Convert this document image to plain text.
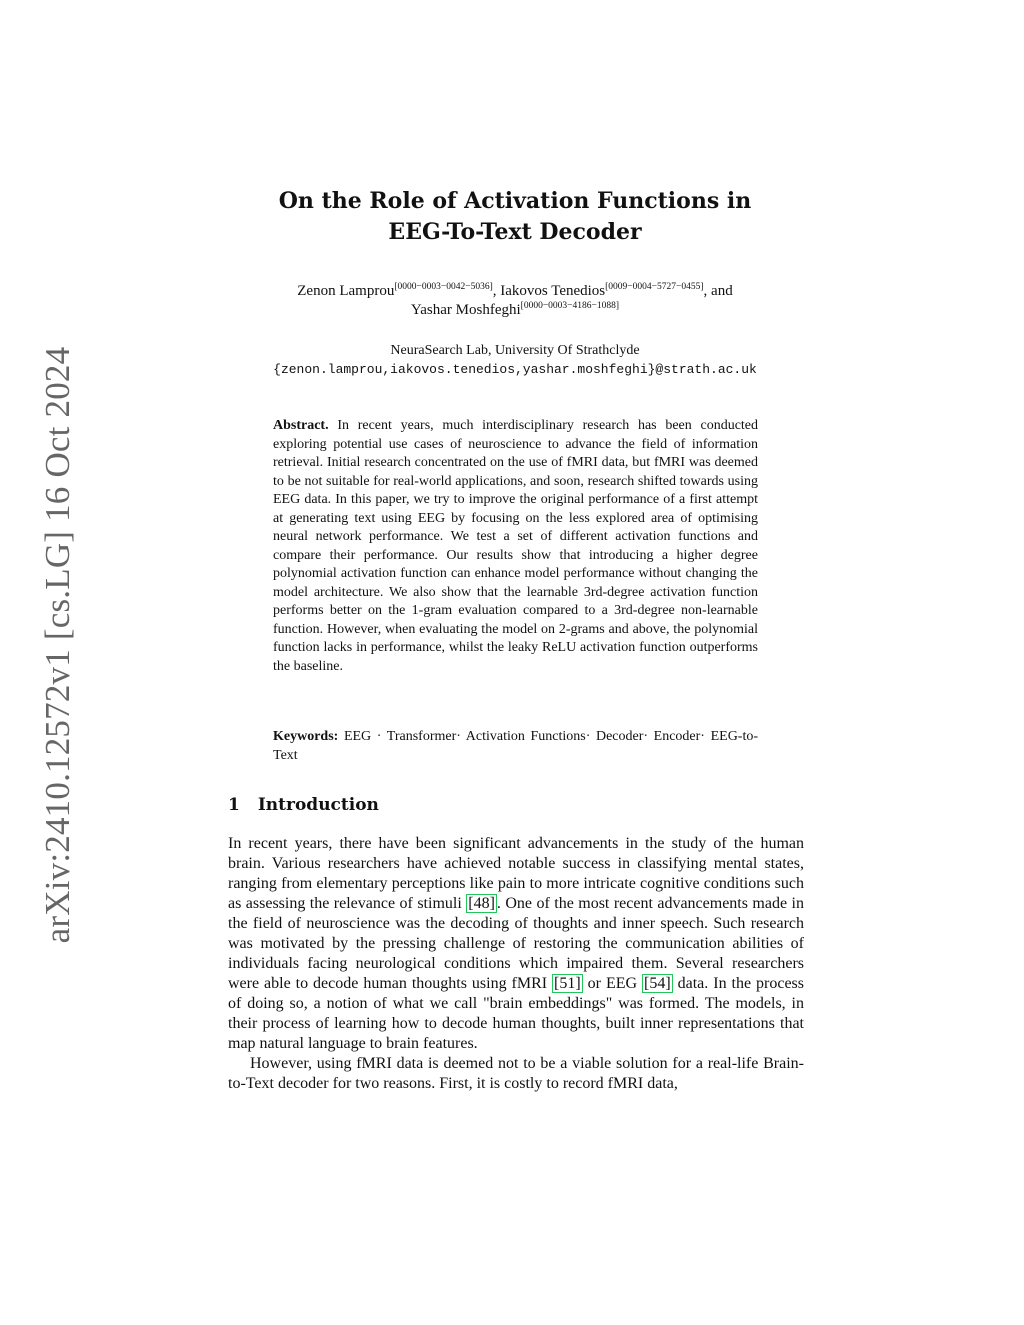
arXiv:2410.12572v1 [cs.LG] 16 Oct 2024
On the Role of Activation Functions in
EEG-To-Text Decoder
Zenon Lamprou[0000−0003−0042−5036], Iakovos Tenedios[0009−0004−5727−0455], and
Yashar Moshfeghi[0000−0003−4186−1088]
NeuraSearch Lab, University Of Strathclyde
{zenon.lamprou,iakovos.tenedios,yashar.moshfeghi}@strath.ac.uk
Abstract. In recent years, much interdisciplinary research has been conducted exploring potential use cases of neuroscience to advance the field of information retrieval. Initial research concentrated on the use of fMRI data, but fMRI was deemed to be not suitable for real-world applications, and soon, research shifted towards using EEG data. In this paper, we try to improve the original performance of a first attempt at generating text using EEG by focusing on the less explored area of optimising neural network performance. We test a set of different activation functions and compare their performance. Our results show that introducing a higher degree polynomial activation function can enhance model performance without changing the model architecture. We also show that the learnable 3rd-degree activation function performs better on the 1-gram evaluation compared to a 3rd-degree non-learnable function. However, when evaluating the model on 2-grams and above, the polynomial function lacks in performance, whilst the leaky ReLU activation function outperforms the baseline.
Keywords: EEG · Transformer· Activation Functions· Decoder· Encoder· EEG-to-Text
1 Introduction

In recent years, there have been significant advancements in the study of the human brain. Various researchers have achieved notable success in classifying mental states, ranging from elementary perceptions like pain to more intricate cognitive conditions such as assessing the relevance of stimuli [48] . One of the most recent advancements made in the field of neuroscience was the decoding of thoughts and inner speech. Such research was motivated by the pressing challenge of restoring the communication abilities of individuals facing neurological conditions which impaired them. Several researchers were able to decode human thoughts using fMRI [51] or EEG [54] data. In the process of doing so, a notion of what we call "brain embeddings" was formed. The models, in their process of learning how to decode human thoughts, built inner representations that map natural language to brain features.

However, using fMRI data is deemed not to be a viable solution for a real-life Brain-to-Text decoder for two reasons. First, it is costly to record fMRI data,
